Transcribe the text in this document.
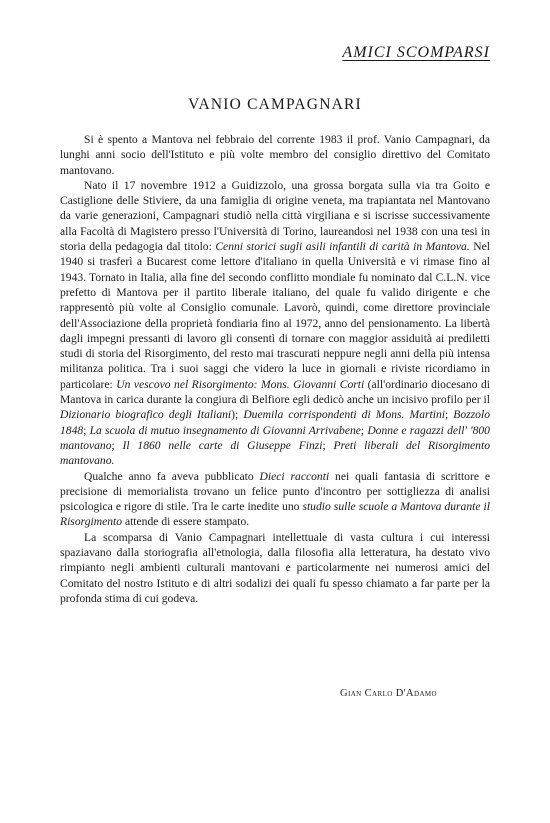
AMICI SCOMPARSI
VANIO CAMPAGNARI

Si è spento a Mantova nel febbraio del corrente 1983 il prof. Vanio Campagnari, da lunghi anni socio dell'Istituto e più volte membro del consiglio direttivo del Comitato mantovano.

Nato il 17 novembre 1912 a Guidizzolo, una grossa borgata sulla via tra Goito e Castiglione delle Stiviere, da una famiglia di origine veneta, ma trapiantata nel Mantovano da varie generazioni, Campagnari studiò nella città virgiliana e si iscrisse successivamente alla Facoltà di Magistero presso l'Università di Torino, laureandosi nel 1938 con una tesi in storia della pedagogia dal titolo: Cenni storici sugli asili infantili di carità in Mantova. Nel 1940 si trasferì a Bucarest come lettore d'italiano in quella Università e vi rimase fino al 1943. Tornato in Italia, alla fine del secondo conflitto mondiale fu nominato dal C.L.N. vice prefetto di Mantova per il partito liberale italiano, del quale fu valido dirigente e che rappresentò più volte al Consiglio comunale. Lavorò, quindi, come direttore provinciale dell'Associazione della proprietà fondiaria fino al 1972, anno del pensionamento. La libertà dagli impegni pressanti di lavoro gli consentì di tornare con maggior assiduità ai prediletti studi di storia del Risorgimento, del resto mai trascurati neppure negli anni della più intensa militanza politica. Tra i suoi saggi che videro la luce in giornali e riviste ricordiamo in particolare: Un vescovo nel Risorgimento: Mons. Giovanni Corti (all'ordinario diocesano di Mantova in carica durante la congiura di Belfiore egli dedicò anche un incisivo profilo per il Dizionario biografico degli Italiani); Duemila corrispondenti di Mons. Martini; Bozzolo 1848; La scuola di mutuo insegnamento di Giovanni Arrivabene; Donne e ragazzi dell' '800 mantovano; Il 1860 nelle carte di Giuseppe Finzi; Preti liberali del Risorgimento mantovano.

Qualche anno fa aveva pubblicato Dieci racconti nei quali fantasia di scrittore e precisione di memorialista trovano un felice punto d'incontro per sottigliezza di analisi psicologica e rigore di stile. Tra le carte inedite uno studio sulle scuole a Mantova durante il Risorgimento attende di essere stampato.

La scomparsa di Vanio Campagnari intellettuale di vasta cultura i cui interessi spaziavano dalla storiografia all'etnologia, dalla filosofia alla letteratura, ha destato vivo rimpianto negli ambienti culturali mantovani e particolarmente nei numerosi amici del Comitato del nostro Istituto e di altri sodalizi dei quali fu spesso chiamato a far parte per la profonda stima di cui godeva.

Gian Carlo D'Adamo
